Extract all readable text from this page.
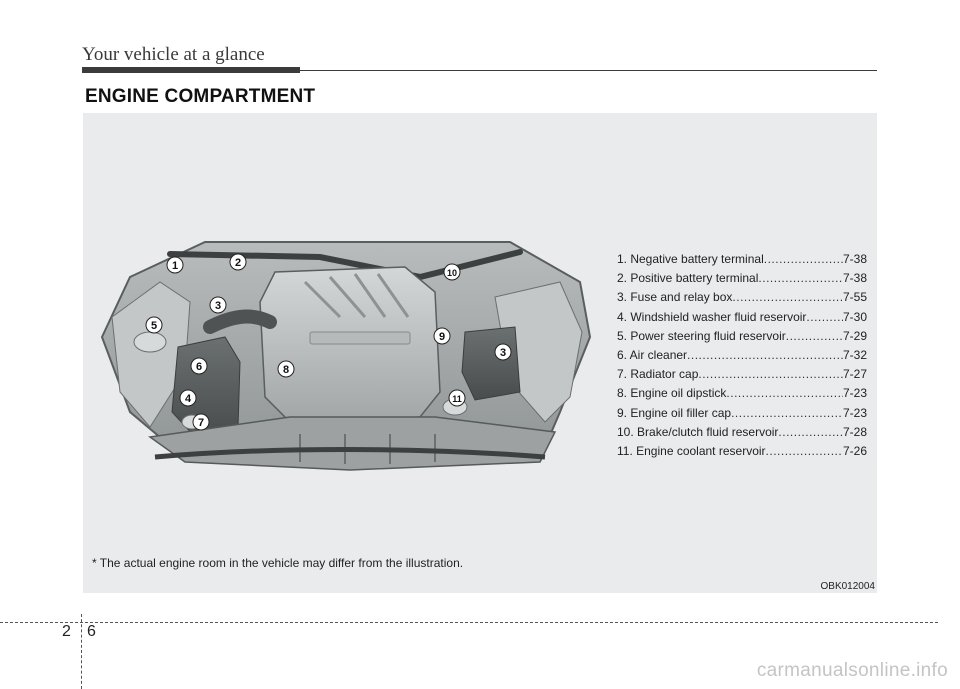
Your vehicle at a glance
ENGINE COMPARTMENT
1	2
3
5
6
4
7
8
9
10
11
3
1. Negative battery terminal .....	7-38
2. Positive battery terminal .....	7-38
3. Fuse and relay box .....	7-55
4. Windshield washer fluid reservoir .....	7-30
5. Power steering fluid reservoir .....	7-29
6. Air cleaner .....	7-32
7. Radiator cap .....	7-27
8. Engine oil dipstick .....	7-23
9. Engine oil filler cap .....	7-23
10. Brake/clutch fluid reservoir .....	7-28
11. Engine coolant reservoir .....	7-26
* The actual engine room in the vehicle may differ from the illustration.
OBK012004
2 6
carmanualsonline.info
